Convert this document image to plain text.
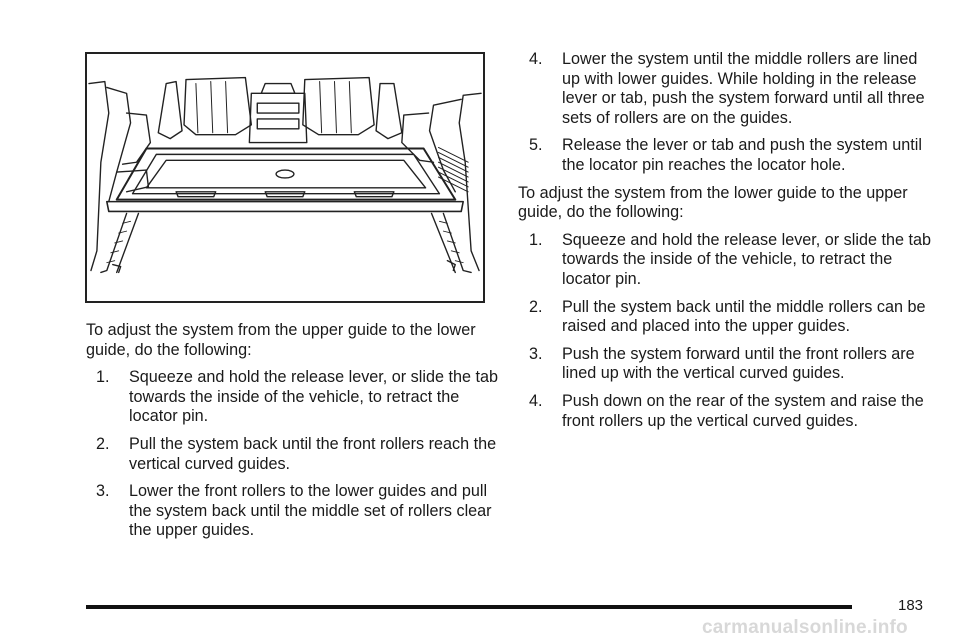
To adjust the system from the upper guide to the lower guide, do the following:

1. Squeeze and hold the release lever, or slide the tab towards the inside of the vehicle, to retract the locator pin.
2. Pull the system back until the front rollers reach the vertical curved guides.
3. Lower the front rollers to the lower guides and pull the system back until the middle set of rollers clear the upper guides.
4. Lower the system until the middle rollers are lined up with lower guides. While holding in the release lever or tab, push the system forward until all three sets of rollers are on the guides.
5. Release the lever or tab and push the system until the locator pin reaches the locator hole.

To adjust the system from the lower guide to the upper guide, do the following:

1. Squeeze and hold the release lever, or slide the tab towards the inside of the vehicle, to retract the locator pin.
2. Pull the system back until the middle rollers can be raised and placed into the upper guides.
3. Push the system forward until the front rollers are lined up with the vertical curved guides.
4. Push down on the rear of the system and raise the front rollers up the vertical curved guides.
183
carmanualsonline.info
